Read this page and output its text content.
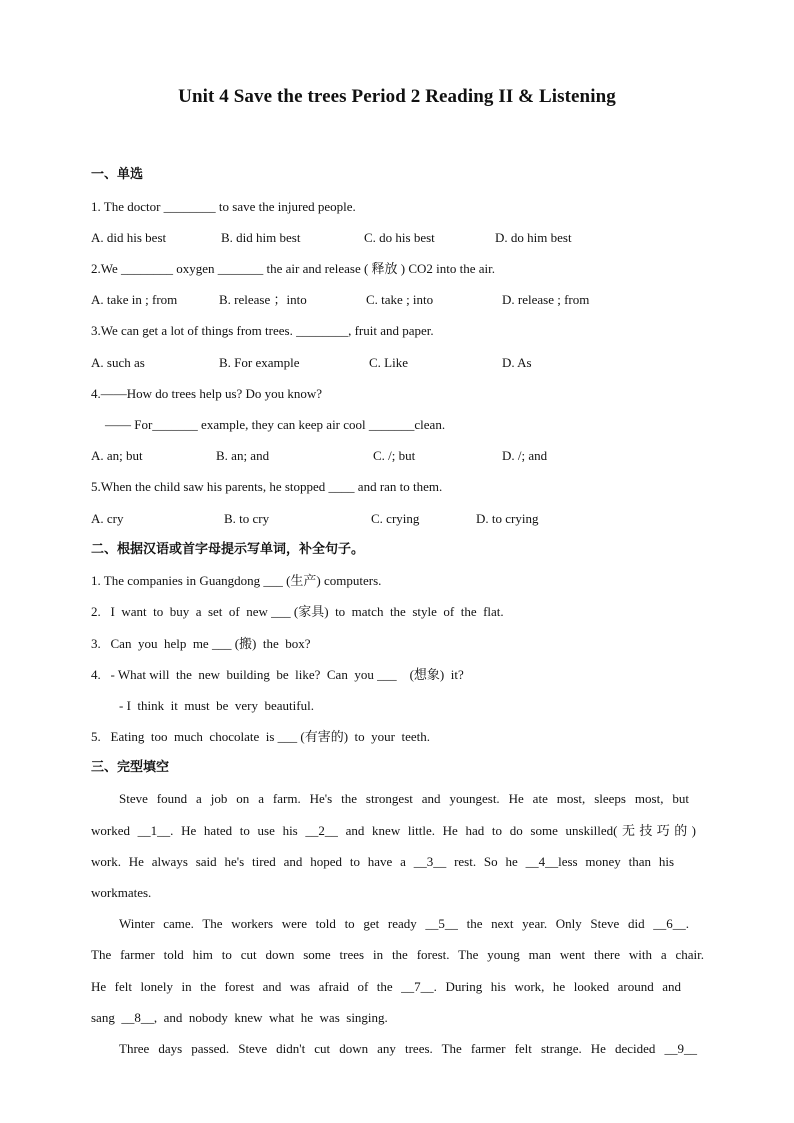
Unit 4 Save the trees Period 2 Reading II & Listening
一、单选
1. The doctor ________ to save the injured people.
A. did his best	B. did him best	C. do his best	D. do him best
2.We ________ oxygen _______ the air and release ( 释放 ) CO2 into the air.
A. take in ; from	B. release ；into	C. take ; into	D. release ; from
3.We can get a lot of things from trees. ________, fruit and paper.
A. such as	B. For example	C. Like	D. As
4.——How do trees help us? Do you know?
—— For_______ example, they can keep air cool _______clean.
A. an; but	B. an; and	C. /; but	D. /; and
5.When the child saw his parents, he stopped ____ and ran to them.
A. cry	B. to cry	C. crying	D. to crying
二、根据汉语或首字母提示写单词，补全句子。
1. The companies in Guangdong ___ (生产) computers.
2.   I  want  to  buy  a  set  of  new ___ (家具)  to  match  the  style  of  the  flat.
3.   Can  you  help  me ___ (搬)  the  box?
4.   - What will  the  new  building  be  like?  Can  you ___    (想象)  it?
- I  think  it  must  be  very  beautiful.
5.   Eating  too  much  chocolate  is ___ (有害的)  to  your  teeth.
三、完型填空
Steve found a job on a farm. He's the strongest and youngest. He ate most, sleeps most, but
worked __1__. He hated to use his __2__ and knew little. He had to do some unskilled(无技巧的)
work. He always said he's tired and hoped to have a __3__ rest. So he __4__less money than his
workmates.
Winter came. The workers were told to get ready __5__ the next year. Only Steve did __6__.
The farmer told him to cut down some trees in the forest. The young man went there with a chair.
He felt lonely in the forest and was afraid of the __7__. During his work, he looked around and
sang  __8__,  and  nobody  knew  what  he  was  singing.
Three days passed. Steve didn't cut down any trees. The farmer felt strange. He decided __9__
